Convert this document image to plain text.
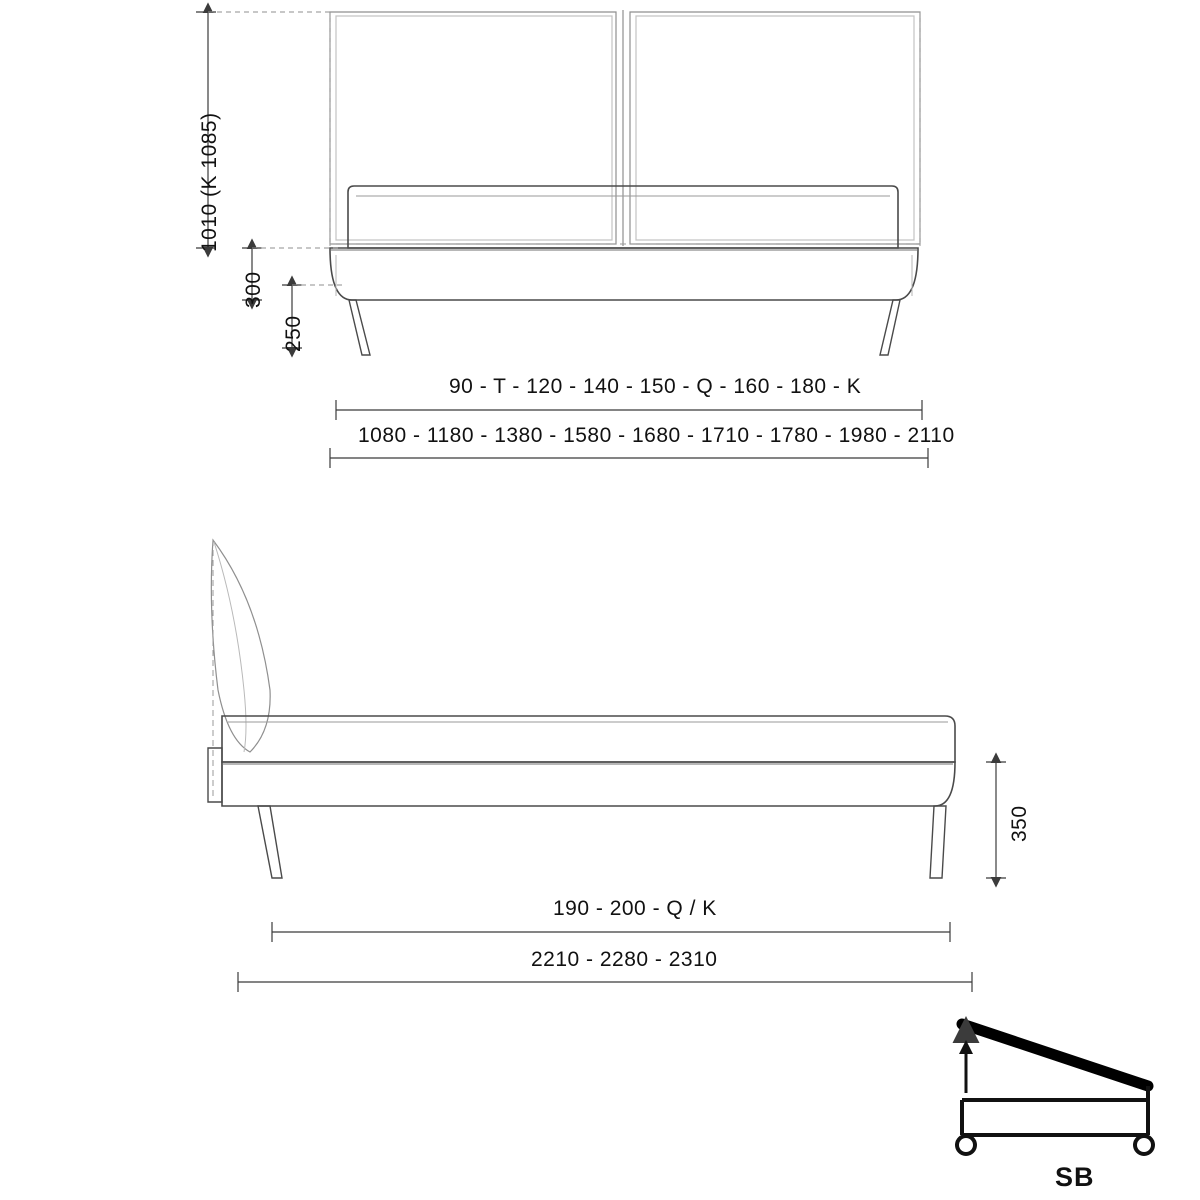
1010 (K 1085)
300
250
90 - T - 120 - 140 - 150 - Q - 160 - 180 - K
1080 - 1180 - 1380 - 1580 - 1680 - 1710 - 1780 - 1980 - 2110
350
190 - 200 - Q / K
2210 - 2280 - 2310
SB
